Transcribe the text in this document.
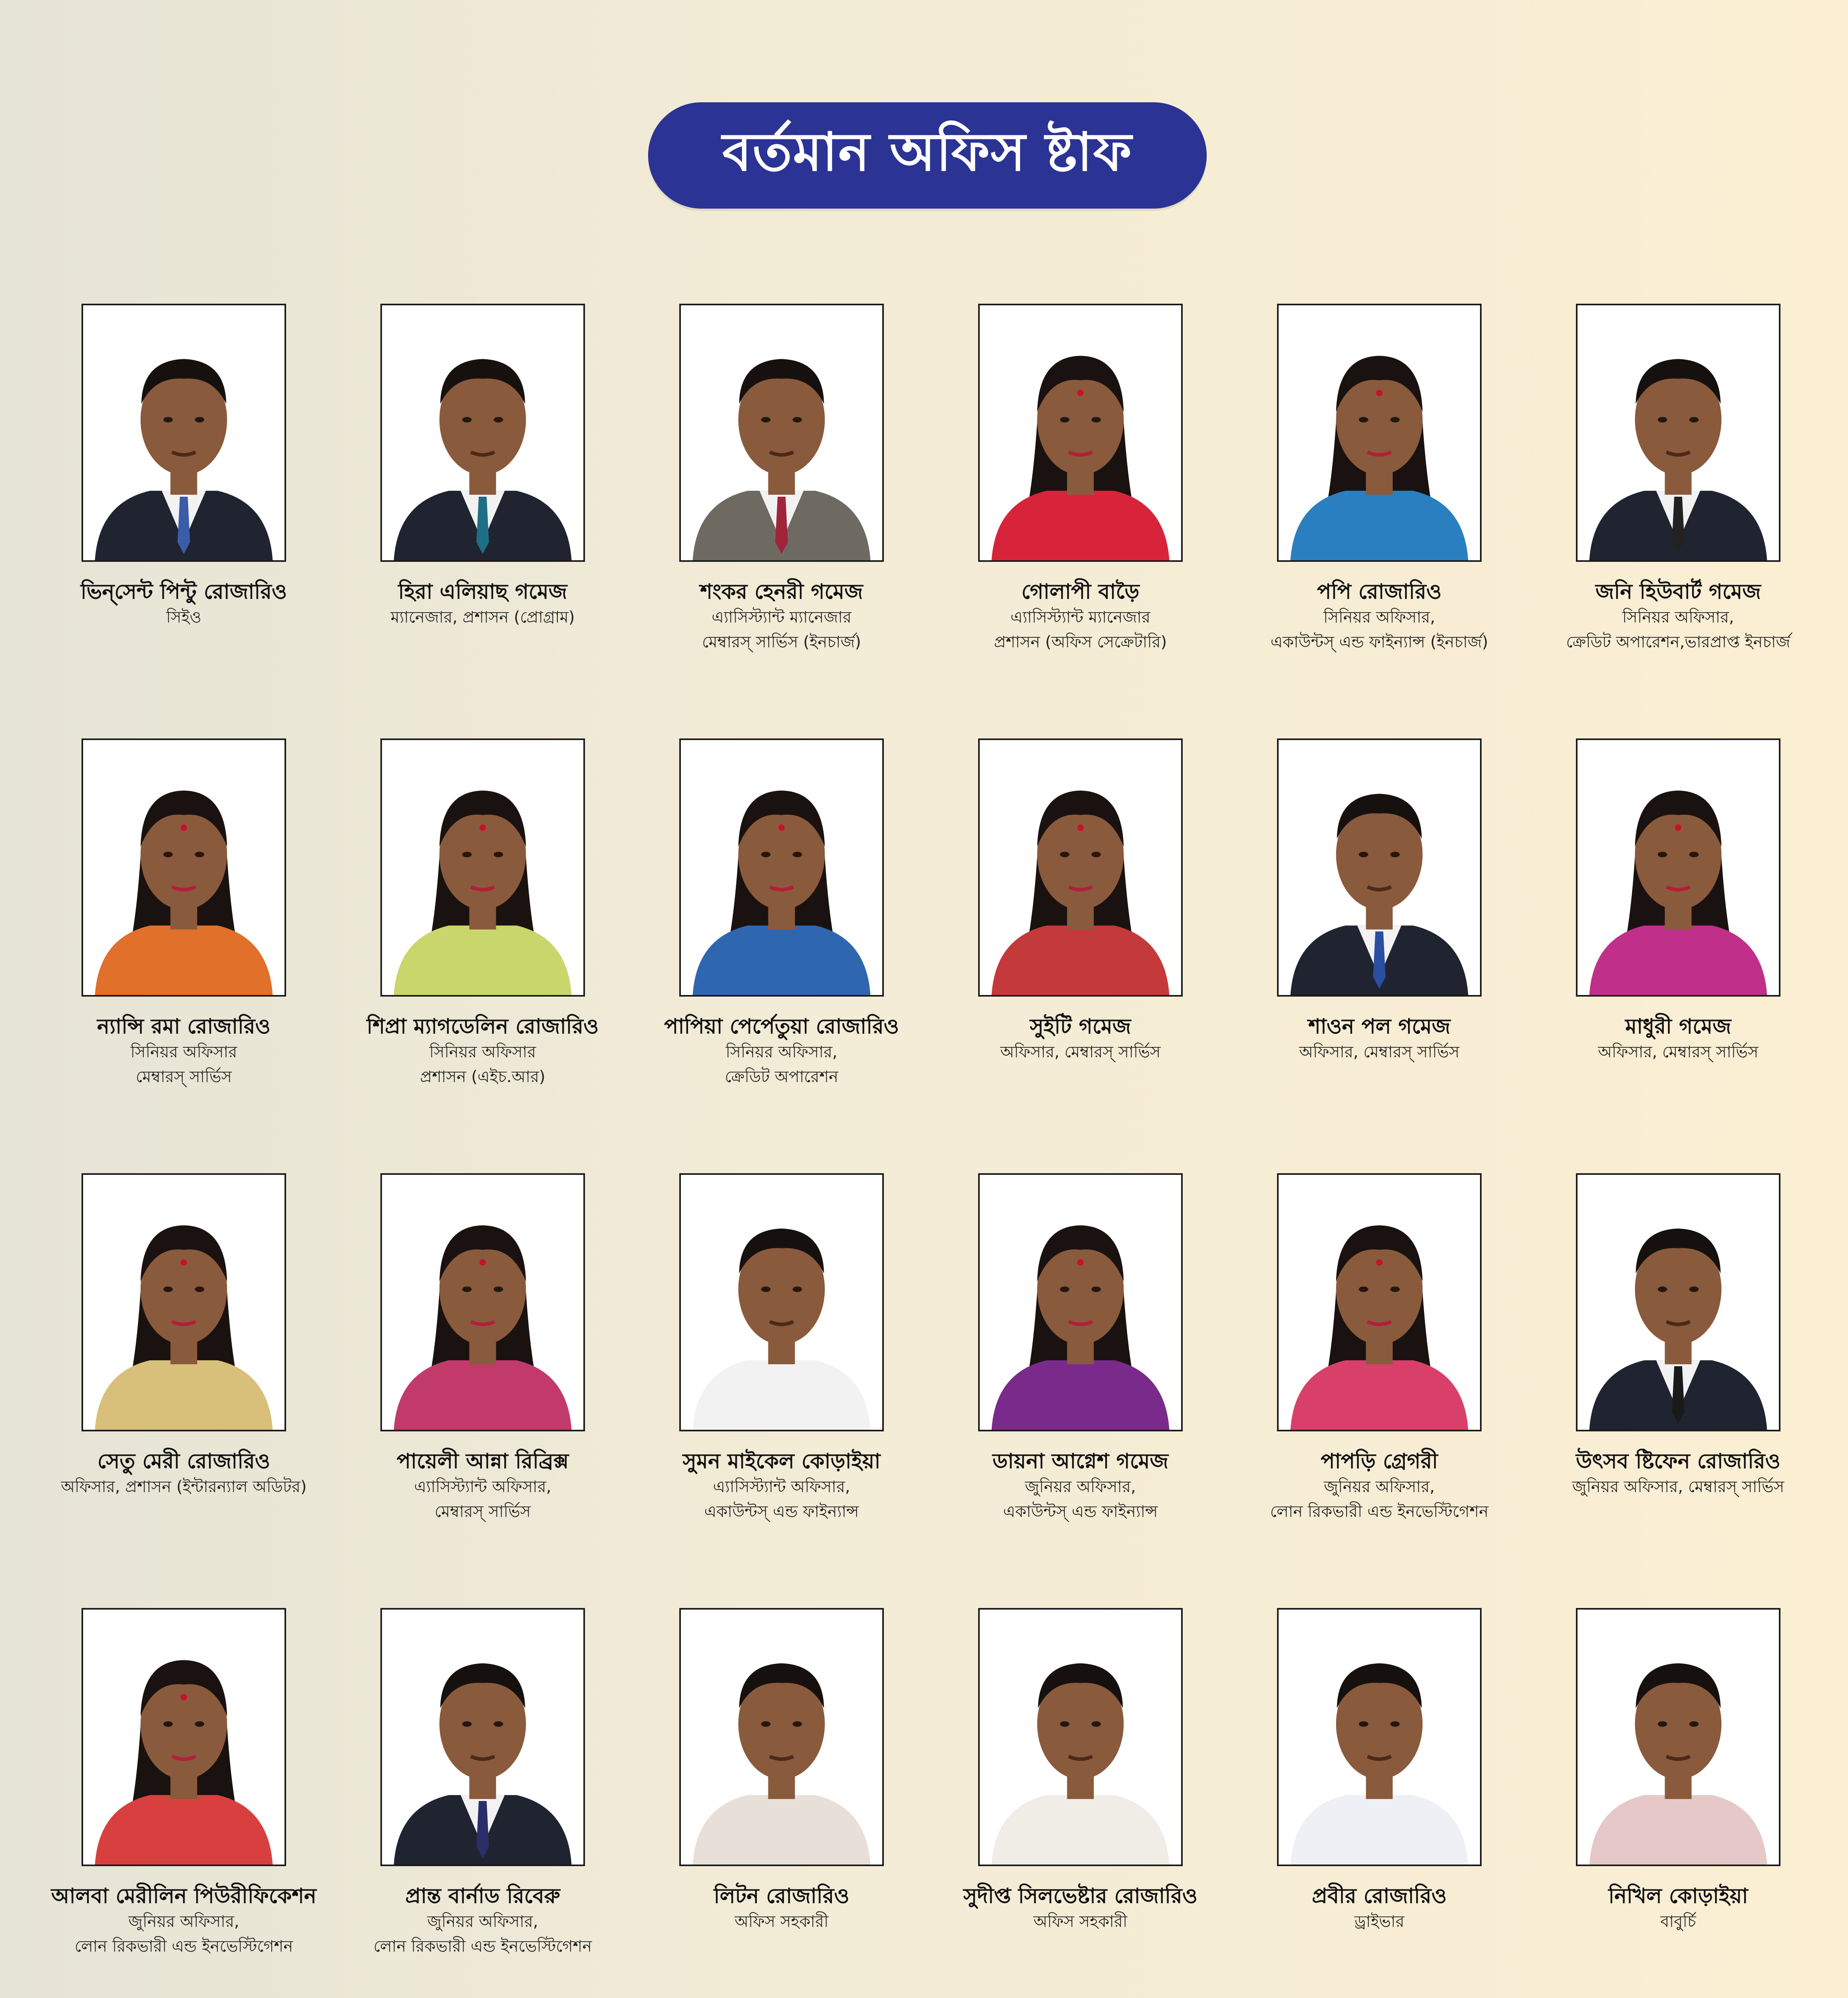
বর্তমান অফিস ষ্টাফ
ভিন্‌সেন্ট পিন্টু রোজারিও
সিইও
হিরা এলিয়াছ গমেজ
ম্যানেজার, প্রশাসন (প্রোগ্রাম)
শংকর হেনরী গমেজ
এ্যাসিস্ট্যান্ট ম্যানেজার
মেম্বারস্‌ সার্ভিস (ইনচার্জ)
গোলাপী বাড়ৈ
এ্যাসিস্ট্যান্ট ম্যানেজার
প্রশাসন (অফিস সেক্রেটারি)
পপি রোজারিও
সিনিয়র অফিসার,
একাউন্টস্‌ এন্ড ফাইন্যান্স (ইনচার্জ)
জনি হিউবার্ট গমেজ
সিনিয়র অফিসার,
ক্রেডিট অপারেশন,ভারপ্রাপ্ত ইনচার্জ
ন্যান্সি রমা রোজারিও
সিনিয়র অফিসার
মেম্বারস্‌ সার্ভিস
শিপ্রা ম্যাগডেলিন রোজারিও
সিনিয়র অফিসার
প্রশাসন (এইচ.আর)
পাপিয়া পের্পেতুয়া রোজারিও
সিনিয়র অফিসার,
ক্রেডিট অপারেশন
সুইটি গমেজ
অফিসার, মেম্বারস্‌ সার্ভিস
শাওন পল গমেজ
অফিসার, মেম্বারস্‌ সার্ভিস
মাধুরী গমেজ
অফিসার, মেম্বারস্‌ সার্ভিস
সেতু মেরী রোজারিও
অফিসার, প্রশাসন (ইন্টারন্যাল অডিটর)
পায়েলী আন্না রিব্রিক্স
এ্যাসিস্ট্যান্ট অফিসার,
মেম্বারস্‌ সার্ভিস
সুমন মাইকেল কোড়াইয়া
এ্যাসিস্ট্যান্ট অফিসার,
একাউন্টস্‌ এন্ড ফাইন্যান্স
ডায়না আগ্নেশ গমেজ
জুনিয়র অফিসার,
একাউন্টস্‌ এন্ড ফাইন্যান্স
পাপড়ি গ্রেগরী
জুনিয়র অফিসার,
লোন রিকভারী এন্ড ইনভেস্টিগেশন
উৎসব ষ্টিফেন রোজারিও
জুনিয়র অফিসার, মেম্বারস্‌ সার্ভিস
আলবা মেরীলিন পিউরীফিকেশন
জুনিয়র অফিসার,
লোন রিকভারী এন্ড ইনভেস্টিগেশন
প্রান্ত বার্নাড রিবেরু
জুনিয়র অফিসার,
লোন রিকভারী এন্ড ইনভেস্টিগেশন
লিটন রোজারিও
অফিস সহকারী
সুদীপ্ত সিলভেষ্টার রোজারিও
অফিস সহকারী
প্রবীর রোজারিও
ড্রাইভার
নিখিল কোড়াইয়া
বাবুর্চি
